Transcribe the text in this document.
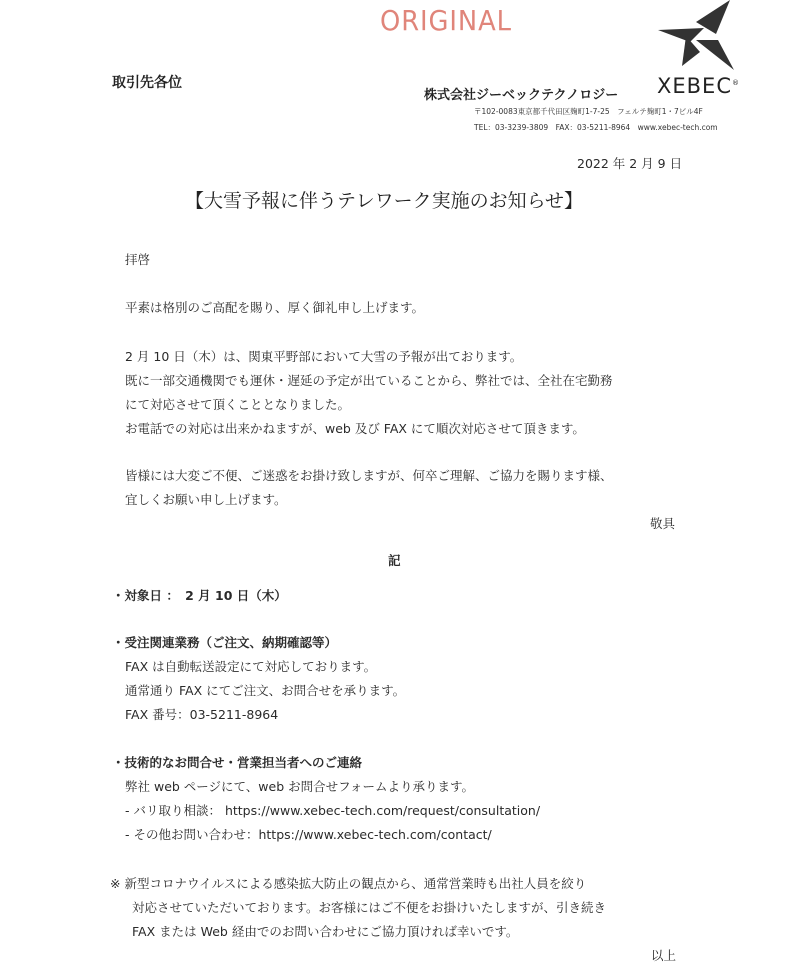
ORIGINAL
取引先各位
株式会社ジーベックテクノロジー XEBEC®
〒102-0083東京都千代田区麹町1-7-25　フェルテ麹町1・7ビル4F
TEL：03-3239-3809　FAX：03-5211-8964　www.xebec-tech.com
2022 年 2 月 9 日
【大雪予報に伴うテレワーク実施のお知らせ】
拝啓
平素は格別のご高配を賜り、厚く御礼申し上げます。
2 月 10 日（木）は、関東平野部において大雪の予報が出ております。
既に一部交通機関でも運休・遅延の予定が出ていることから、弊社では、全社在宅勤務
にて対応させて頂くこととなりました。
お電話での対応は出来かねますが、web 及び FAX にて順次対応させて頂きます。
皆様には大変ご不便、ご迷惑をお掛け致しますが、何卒ご理解、ご協力を賜ります様、
宜しくお願い申し上げます。
敬具
記
・対象日 ：　2 月 10 日（木）
・受注関連業務（ご注文、納期確認等）
FAX は自動転送設定にて対応しております。
通常通り FAX にてご注文、お問合せを承ります。
FAX 番号：03-5211-8964
・技術的なお問合せ・営業担当者へのご連絡
弊社 web ページにて、web お問合せフォームより承ります。
- バリ取り相談： https://www.xebec-tech.com/request/consultation/
- その他お問い合わせ：https://www.xebec-tech.com/contact/
※ 新型コロナウイルスによる感染拡大防止の観点から、通常営業時も出社人員を絞り
対応させていただいております。お客様にはご不便をお掛けいたしますが、引き続き
FAX または Web 経由でのお問い合わせにご協力頂ければ幸いです。
以上
